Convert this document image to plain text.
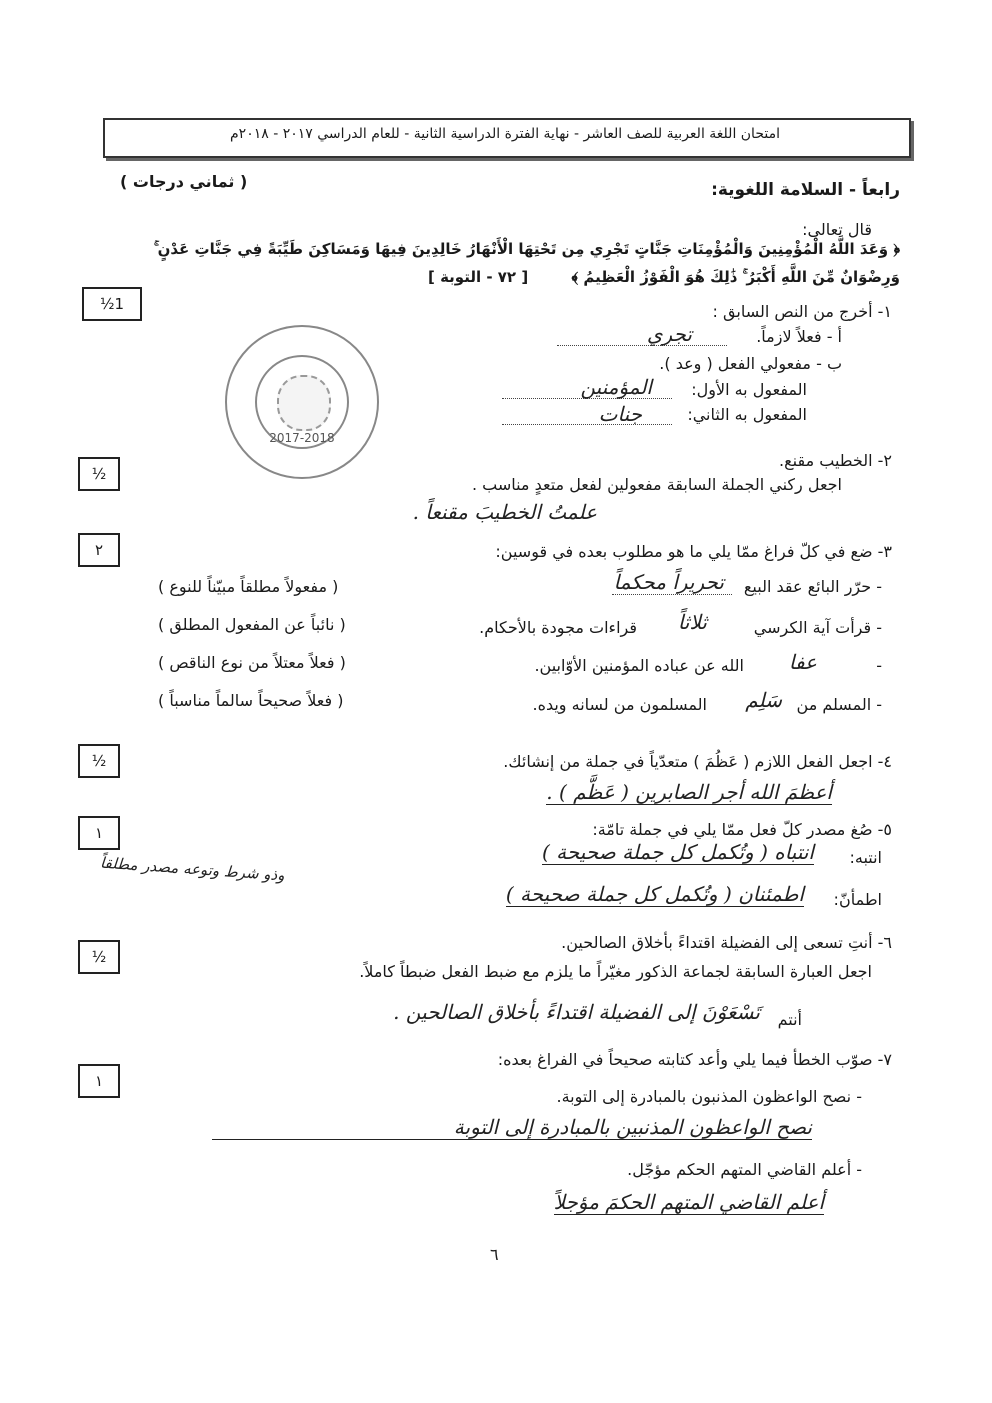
امتحان اللغة العربية للصف العاشر - نهاية الفترة الدراسية الثانية - للعام الدراسي ٢٠١٧ - ٢٠١٨م
رابعاً - السلامة اللغوية:
( ثماني درجات )
قال تعالى:
﴿ وَعَدَ اللَّهُ الْمُؤْمِنِينَ وَالْمُؤْمِنَاتِ جَنَّاتٍ تَجْرِي مِن تَحْتِهَا الْأَنْهَارُ خَالِدِينَ فِيهَا وَمَسَاكِنَ طَيِّبَةً فِي جَنَّاتِ عَدْنٍ ۚ
وَرِضْوَانٌ مِّنَ اللَّهِ أَكْبَرُ ۚ ذَٰلِكَ هُوَ الْفَوْزُ الْعَظِيمُ ﴾
[ ٧٢ - التوبة ]
1½
½
٢
½
١
½
١
2017-2018
١- أخرج من النص السابق :
أ - فعلاً لازماً.
تجري
ب - مفعولي الفعل ( وعد ).
المفعول به الأول:
المؤمنين
المفعول به الثاني:
جنات
٢- الخطيب مقنع.
اجعل ركني الجملة السابقة مفعولين لفعل متعدٍ مناسب .
علمتُ الخطيبَ مقنعاً .
٣- ضع في كلّ فراغ ممّا يلي ما هو مطلوب بعده في قوسين:
- حرّر البائع عقد البيع
تحريراً محكماً
( مفعولاً مطلقاً مبيّناً للنوع )
- قرأت آية الكرسي
ثلاثاً
قراءات مجودة بالأحكام.
( نائباً عن المفعول المطلق )
-
عفا
الله عن عباده المؤمنين الأوّابين.
( فعلاً معتلاً من نوع الناقص )
- المسلم من
سَلِم
المسلمون من لسانه ويده.
( فعلاً صحيحاً سالماً مناسباً )
٤- اجعل الفعل اللازم ( عَظُمَ ) متعدّياً في جملة من إنشائك.
أعظمَ الله أجر الصابرين ( عَظَّم ) .
٥- صُغ مصدر كلّ فعل ممّا يلي في جملة تامّة:
انتبه:
انتباه ( وتُكمل كل جملة صحيحة )
اطمأنّ:
اطمئنان ( وتُكمل كل جملة صحيحة )
وذو شرط وتوعه مصدر مطلقاً
٦- أنتِ تسعى إلى الفضيلة اقتداءً بأخلاق الصالحين.
اجعل العبارة السابقة لجماعة الذكور مغيّراً ما يلزم مع ضبط الفعل ضبطاً كاملاً.
أنتم
تَسْعَوْنَ إلى الفضيلة اقتداءً بأخلاق الصالحين .
٧- صوّب الخطأ فيما يلي وأعد كتابته صحيحاً في الفراغ بعده:
- نصح الواعظون المذنبون بالمبادرة إلى التوبة.
نصح الواعظون المذنبين بالمبادرة إلى التوبة
- أعلم القاضي المتهم الحكم مؤجّل.
أعلم القاضي المتهم الحكمَ مؤجلاً
٦
